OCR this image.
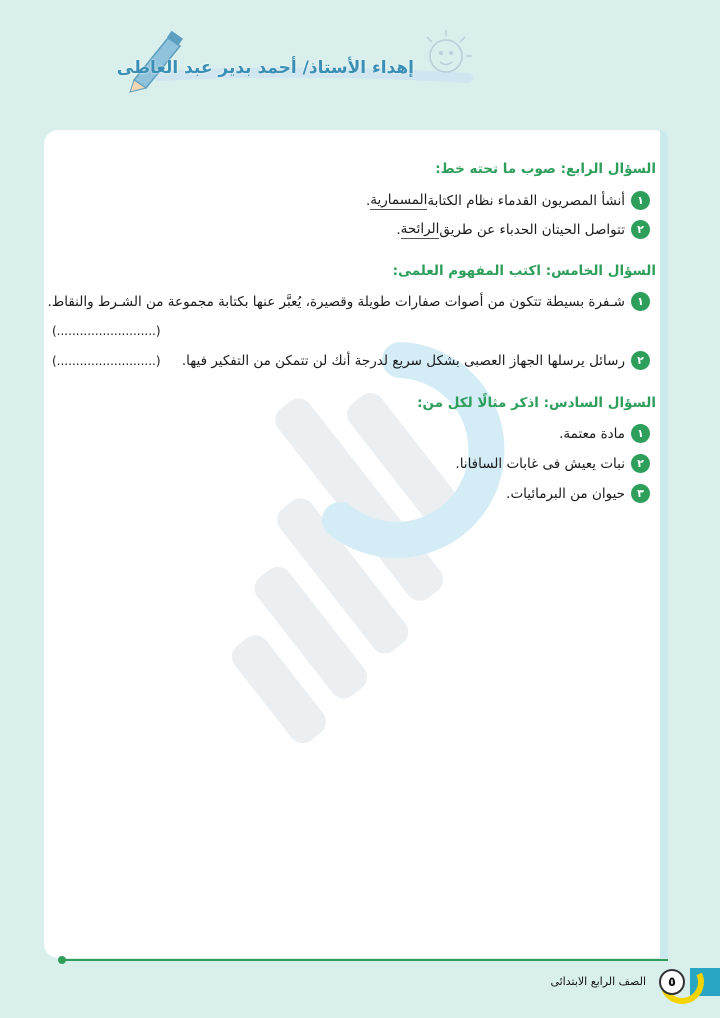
إهداء الأستاذ/ أحمد بدير عبد العاطى
السؤال الرابع: صوب ما تحته خط:
١
أنشأ المصريون القدماء نظام الكتابة
المسمارية
.
٢
تتواصل الحيتان الحدباء عن طريق
الرائحة
.
السؤال الخامس: اكتب المفهوم العلمى:
١
شـفرة بسيطة تتكون من أصوات صفارات طويلة وقصيرة، يُعبَّر عنها بكتابة مجموعة من الشـرط والنقاط.
(..........................)
٢
رسائل يرسلها الجهاز العصبى بشكل سريع لدرجة أنك لن تتمكن من التفكير فيها.
(..........................)
السؤال السادس: اذكر مثالًا لكل من:
١
مادة معتمة.
٢
نبات يعيش فى غابات السافانا.
٣
حيوان من البرمائيات.
٥
الصف الرابع الابتدائى
